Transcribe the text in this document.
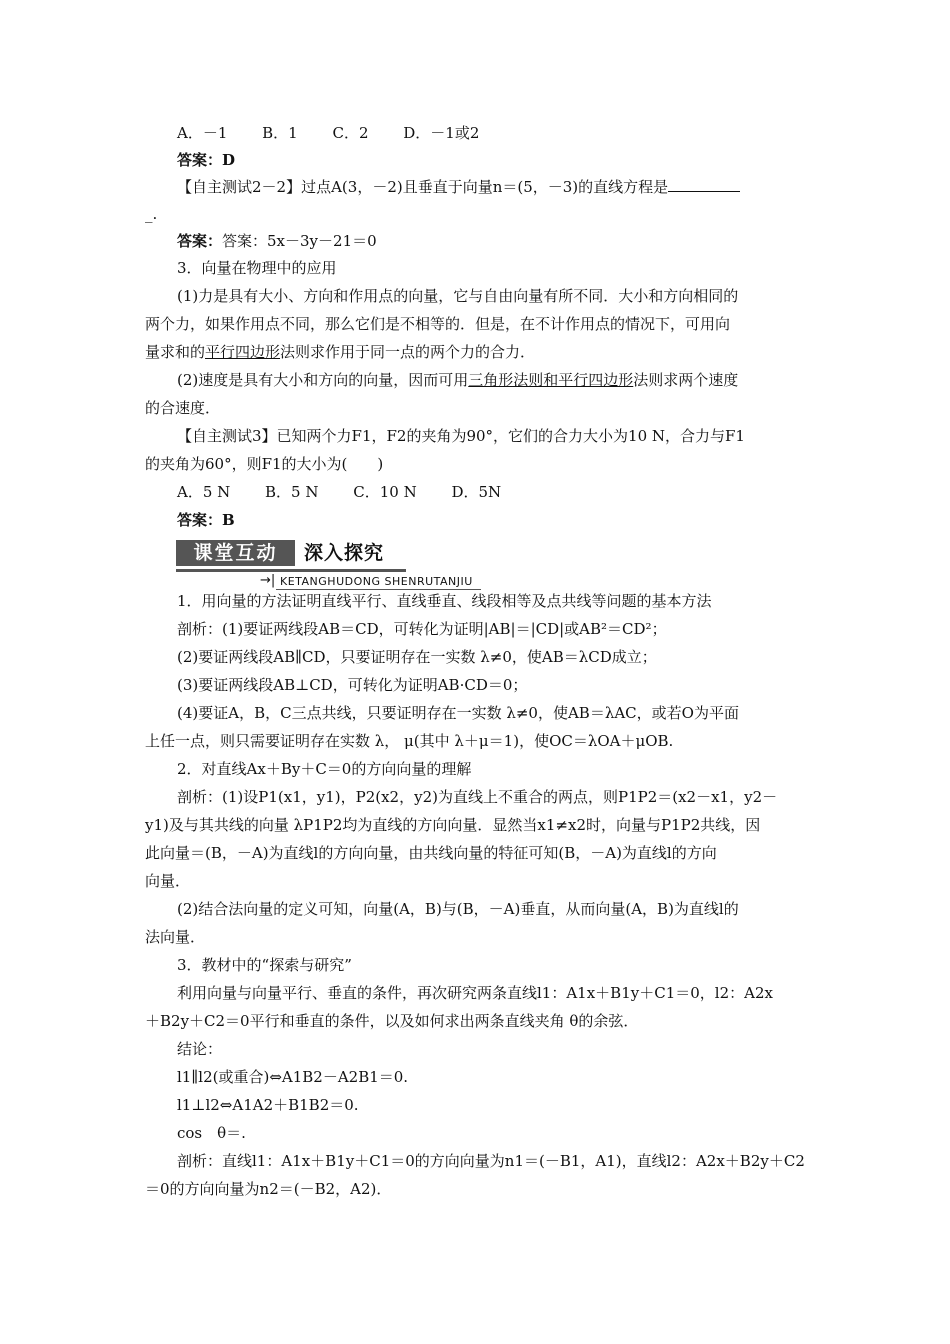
A．－1　　 B．1　　 C．2　　 D．－1或2
答案：D
【自主测试2－2】过点A(3，－2)且垂直于向量n＝(5，－3)的直线方程是
_.
答案：答案：5x－3y－21＝0
3．向量在物理中的应用
(1)力是具有大小、方向和作用点的向量，它与自由向量有所不同．大小和方向相同的
两个力，如果作用点不同，那么它们是不相等的．但是，在不计作用点的情况下，可用向
量求和的平行四边形法则求作用于同一点的两个力的合力．
(2)速度是具有大小和方向的向量，因而可用三角形法则和平行四边形法则求两个速度
的合速度．
【自主测试3】已知两个力F1，F2的夹角为90°，它们的合力大小为10 N，合力与F1
的夹角为60°，则F1的大小为(　　)
A．5 N　　 B．5 N　　 C．10 N　　 D．5N
答案：B
课堂互动	深入探究
→| KETANGHUDONG SHENRUTANJIU
1．用向量的方法证明直线平行、直线垂直、线段相等及点共线等问题的基本方法
剖析：(1)要证两线段AB＝CD，可转化为证明|AB|＝|CD|或AB²＝CD²；
(2)要证两线段AB∥CD，只要证明存在一实数 λ≠0，使AB＝λCD成立；
(3)要证两线段AB⊥CD，可转化为证明AB·CD＝0；
(4)要证A，B，C三点共线，只要证明存在一实数 λ≠0，使AB＝λAC，或若O为平面
上任一点，则只需要证明存在实数 λ， μ(其中 λ＋μ＝1)，使OC＝λOA＋μOB.
2．对直线Ax＋By＋C＝0的方向向量的理解
剖析：(1)设P1(x1，y1)，P2(x2，y2)为直线上不重合的两点，则P1P2＝(x2－x1，y2－
y1)及与其共线的向量 λP1P2均为直线的方向向量．显然当x1≠x2时，向量与P1P2共线，因
此向量＝(B，－A)为直线l的方向向量，由共线向量的特征可知(B，－A)为直线l的方向
向量．
(2)结合法向量的定义可知，向量(A，B)与(B，－A)垂直，从而向量(A，B)为直线l的
法向量．
3．教材中的“探索与研究”
利用向量与向量平行、垂直的条件，再次研究两条直线l1：A1x＋B1y＋C1＝0，l2：A2x
＋B2y＋C2＝0平行和垂直的条件，以及如何求出两条直线夹角 θ的余弦．
结论：
l1∥l2(或重合)⇔A1B2－A2B1＝0.
l1⊥l2⇔A1A2＋B1B2＝0.
cos　θ＝.
剖析：直线l1：A1x＋B1y＋C1＝0的方向向量为n1＝(－B1，A1)，直线l2：A2x＋B2y＋C2
＝0的方向向量为n2＝(－B2，A2)．
